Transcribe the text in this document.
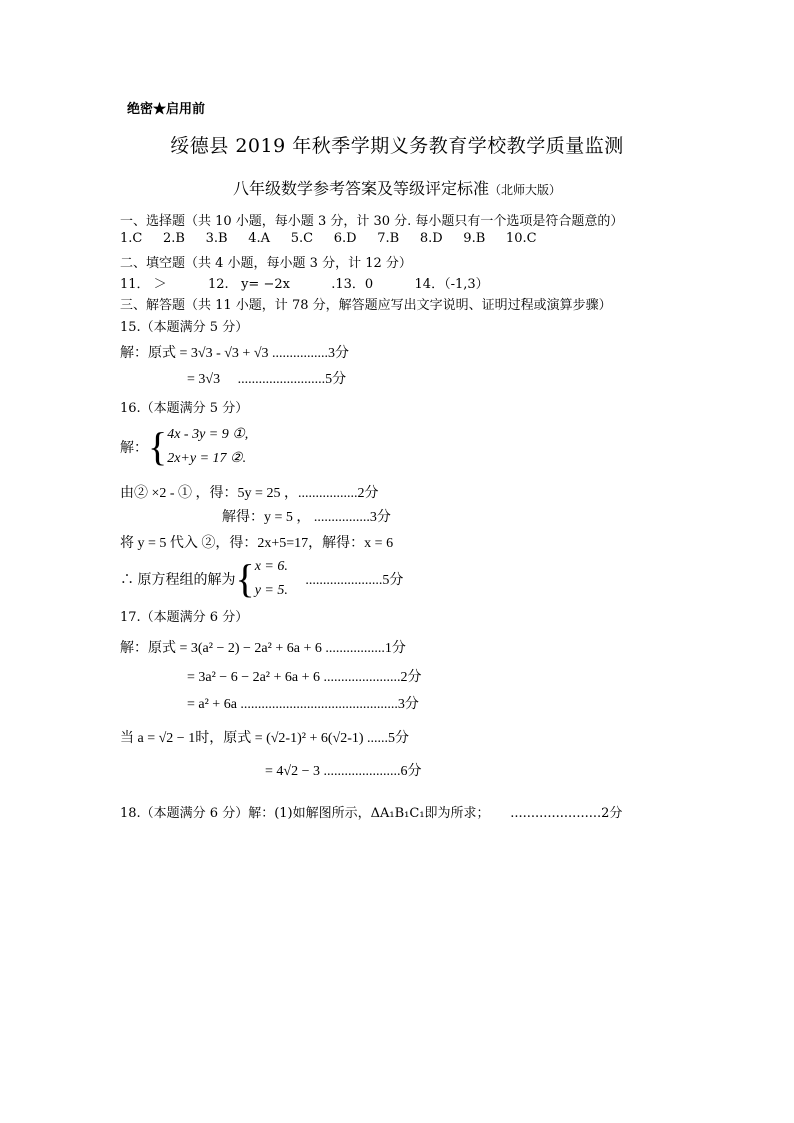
绝密★启用前
绥德县 2019 年秋季学期义务教育学校教学质量监测
八年级数学参考答案及等级评定标准（北师大版）
一、选择题（共 10 小题，每小题 3 分，计 30 分. 每小题只有一个选项是符合题意的）
1.C     2.B     3.B     4.A     5.C     6.D     7.B     8.D     9.B     10.C
二、填空题（共 4 小题，每小题 3 分，计 12 分）
11． ＞          12.   y= −2x          .13．0          14．（-1,3）
三、解答题（共 11 小题，计 78 分，解答题应写出文字说明、证明过程或演算步骤）
15.（本题满分 5 分）
解：原式 = 3√3 - √3 + √3 ................3分
= 3√3     .........................5分
16.（本题满分 5 分）
解：{4x - 3y = 9 ①,
2x+y = 17 ②.
由② ×2 - ① ，得：5y = 25 ，.................2分
解得：y = 5 ， ................3分
将 y = 5 代入 ②，得：2x+5=17，解得：x = 6
∴ 原方程组的解为{x = 6.
y = 5. ......................5分
17.（本题满分 6 分）
解：原式 = 3(a² − 2) − 2a² + 6a + 6 .................1分
= 3a² − 6 − 2a² + 6a + 6 ......................2分
= a² + 6a .............................................3分
当 a = √2 − 1时，原式 = (√2-1)² + 6(√2-1) ......5分
= 4√2 − 3 ......................6分
18.（本题满分 6 分）解：(1)如解图所示，ΔA₁B₁C₁即为所求；     ......................2分
